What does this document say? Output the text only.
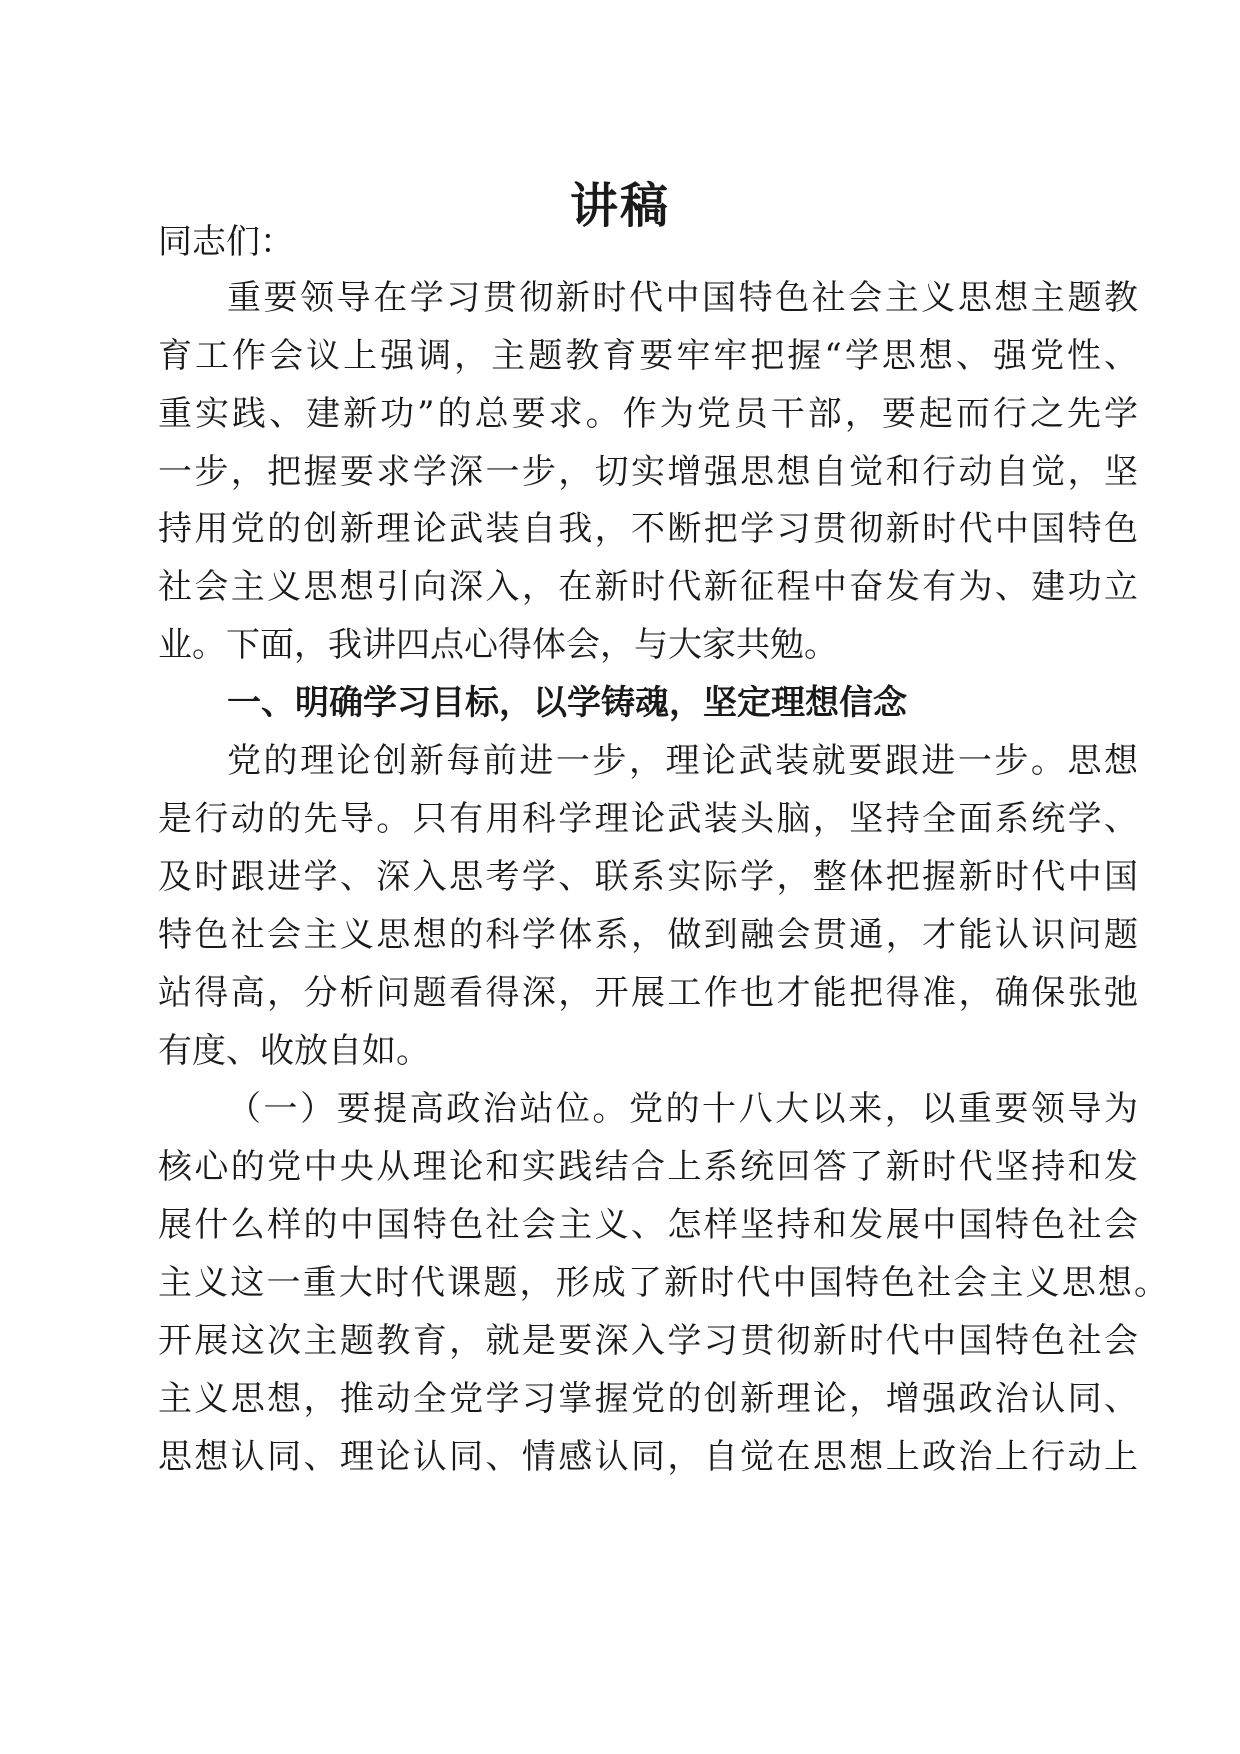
讲稿
同志们：
重要领导在学习贯彻新时代中国特色社会主义思想主题教
育工作会议上强调，主题教育要牢牢把握“学思想、强党性、
重实践、建新功”的总要求。作为党员干部，要起而行之先学
一步，把握要求学深一步，切实增强思想自觉和行动自觉，坚
持用党的创新理论武装自我，不断把学习贯彻新时代中国特色
社会主义思想引向深入，在新时代新征程中奋发有为、建功立
业。下面，我讲四点心得体会，与大家共勉。
一、明确学习目标，以学铸魂，坚定理想信念
党的理论创新每前进一步，理论武装就要跟进一步。思想
是行动的先导。只有用科学理论武装头脑，坚持全面系统学、
及时跟进学、深入思考学、联系实际学，整体把握新时代中国
特色社会主义思想的科学体系，做到融会贯通，才能认识问题
站得高，分析问题看得深，开展工作也才能把得准，确保张弛
有度、收放自如。
（一）要提高政治站位。党的十八大以来，以重要领导为
核心的党中央从理论和实践结合上系统回答了新时代坚持和发
展什么样的中国特色社会主义、怎样坚持和发展中国特色社会
主义这一重大时代课题，形成了新时代中国特色社会主义思想。
开展这次主题教育，就是要深入学习贯彻新时代中国特色社会
主义思想，推动全党学习掌握党的创新理论，增强政治认同、
思想认同、理论认同、情感认同，自觉在思想上政治上行动上
